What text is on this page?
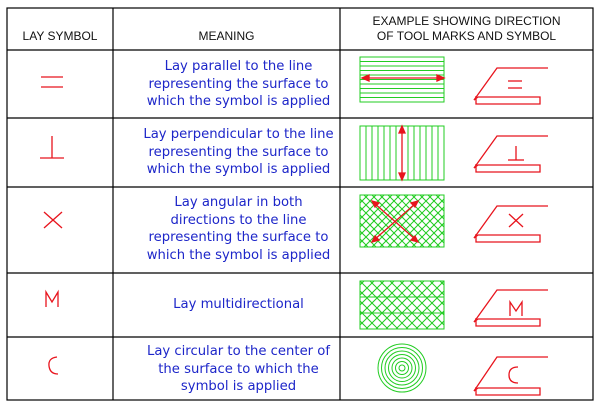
LAY SYMBOL	MEANING
EXAMPLE SHOWING DIRECTION
OF TOOL MARKS AND SYMBOL
Lay parallel to the line
representing the surface to
which the symbol is applied
Lay perpendicular to the line
representing the surface to
which the symbol is applied
Lay angular in both
directions to the line
representing the surface to
which the symbol is applied
Lay multidirectional
Lay circular to the center of
the surface to which the
symbol is applied
